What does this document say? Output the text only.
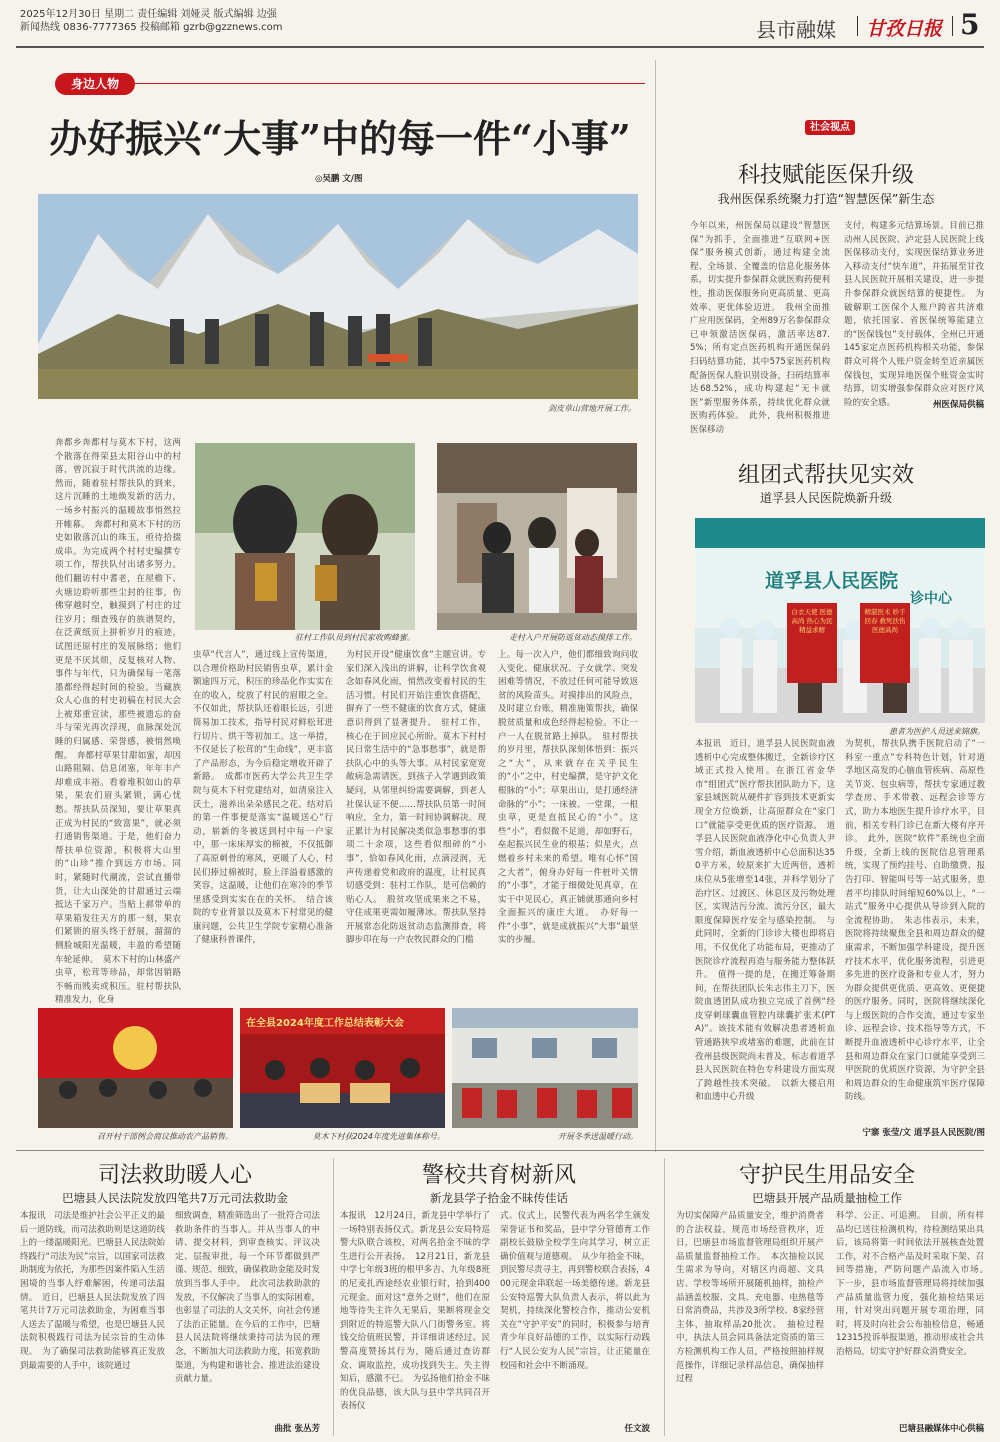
2025年12月30日 星期二 责任编辑 刘娅灵 版式编辑 边强
新闻热线 0836-7777365 投稿邮箱 gzrb@gzznews.com	县市融媒 甘孜日报 5
身边人物
办好振兴“大事”中的每一件“小事”
◎吴鹏 文/图
剑皮草山营地开展工作。
驻村工作队员到村民家收购蜂蜜。	走村入户开展防返贫动态摸排工作。
奔都乡奔都村与莫木下村，这两个散落在得荣县太阳谷山中的村落，曾沉寂于时代洪流的边缘。然而，随着驻村帮扶队的到来，这片沉睡的土地焕发新的活力，一场乡村振兴的温暖故事悄然拉开帷幕。　奔都村和莫木下村的历史如散落沉山的珠玉，亟待拾掇成串。为完成两个村村史编撰专项工作，帮扶队付出诸多努力。他们翻访村中耆老，在屋檐下、火塘边聆听那些尘封的往事，伤佛穿越时空，触摸到了村庄的过往岁月；细查残存的族谱契约，在泛黄纸页上拼析岁月的痕迹，试图还原村庄的发展脉络；他们更是不厌其烦，反复核对人物、事件与年代，只为确保每一笔落墨都经得起时间的检验。当藏族众人心血的村史初稿在村民大会上被郑重宣读，那些被遗忘的奋斗与荣光再次浮现，血脉深处沉睡的归属感、荣誉感，被悄然唤醒。　奔都村草果甘甜如蜜，却因山路阻隔、信息闭塞，年年丰产却难成丰裕。看着堆积如山的草果，果农们眉头紧锁，满心忧愁。帮扶队员深知，要让草果真正成为村民的“致富果”，就必须打通销售渠道。于是，他们奋力帮扶单位资源，积极将大山里的“山珍”推介到远方市场。同时，紧随时代潮流，尝试直播带货，让大山深处的甘甜通过云端抵达千家万户。当贴上郝带单的草果箱发往天方的那一刻，果农们紧锁的眉头终于舒展，溜溜的侧脸城阳光温暖，丰盈的希望随车轮延伸。　莫木下村的山林盛产虫草，松茸等珍品，却常因销路不畅而贱卖或积压。驻村帮扶队精准发力，化身
虫草“代言人”，通过线上宣传渠道，以合理价格助村民销售虫草，累计金额逾四万元，积压的珍品化作实实在在的收入，绽放了村民的眉眼之全。不仅如此，帮扶队还着眼长远，引进简易加工技术，指导村民对鲜松茸进行切片、烘干等初加工。这一举措，不仅延长了松茸的“生命线”，更丰富了产品形态，为今后稳定增收开辟了新路。　成都市医药大学公共卫生学院与莫木下村党建结对，如清泉注入沃土，滋养出朵朵感民之花。结对后的第一件事便是落实“温暖送心”行动，崭新的冬被送到村中每一户家中，那一床床厚实的棉被，不仅抵御了高原刺骨的寒风，更暖了人心，村民们捧过棉被时，脸上洋溢着感激的笑容，这温暖，让他们在寒冷的季节里感受到实实在在的关怀。　结合该院的专业背景以及莫木下村常见的健康问题，公共卫生学院专家精心准备了健康科普课件，
为村民开设“健康饮食”主题宣讲。专家们深入浅出的讲解，让科学饮食观念如春风化雨，悄然改变着村民的生活习惯。村民们开始注重饮食搭配，摒弃了一些不健康的饮食方式，健康意识得到了显著提升。　驻村工作，核心在于回应民心所盼。莫木下村村民日常生活中的“急事愁事”，就是帮扶队心中的头等大事。从村民家宽宽敞病急需请医，到孩子入学遇到政策疑问，从邻里纠纷需要调解，到老人社保认证不便……帮扶队员第一时间响应，全力，第一时间协调解决。现正累计为村民解决类似急事愁事的事项二十余项，这些看似细碎的“小事”，恰如春风化雨，点滴浸润，无声传递着党和政府的温度，让村民真切感受到：驻村工作队，是可信赖的贴心人。　脱贫攻坚成果来之不易，守住成果更需如履薄冰。帮扶队坚持开展常态化防返贫动态监测排查，将脚步印在每一户农牧民群众的门槛
上。每一次入户，他们都细致询问收入变化、健康状况、子女就学、突发困难等情况，不放过任何可能导致返贫的风险苗头。对摸排出的风险点，及时建立台账，精准施策帮扶，确保脱贫质量和成色经得起检验。不让一户一人在脱贫路上掉队。　驻村帮扶的岁月里，帮扶队深刻体悟到：振兴之“大”，从来就存在关乎民生的“小”之中，村史编撰，是守护文化根脉的“小”；草果出山，是打通经济命脉的“小”；一床被、一堂课，一根虫草，更是直抵民心的“小”。这些“小”，看似微不足道，却如野石，垒起振兴民生业的根基；似星火，点燃着乡村未来的希望。唯有心怀“国之大者”，俯身办好每一件桩叶关情的“小事”，才能于细微处见真章，在实干中见民心，真正铺就那通向乡村全面振兴的康庄大道。　办好每一件“小事”，就是成就振兴“大事”最坚实的步履。
召开村干部例会商议推动农产品销售。
在全县2024年度工作总结表彰大会
莫木下村获2024年度先进集体称号。	开展冬季送温暖行动。
社会视点
科技赋能医保升级
我州医保系统聚力打造“智慧医保”新生态
今年以来，州医保局以建设“智慧医保”为抓手，全面推进“互联网+医保”服务模式创新，通过构建全流程、全场景、全覆盖的信息化服务体系，切实提升参保群众就医购药便利性，推动医保服务向更高质量、更高效率、更优体验迈进。　我州全面推广应用医保码，全州89万名参保群众已申领激活医保码，激活率达87.5%；所有定点医药机构开通医保码扫码结算功能，其中575家医药机构配备医保人脸识别设备，扫码结算率达68.52%，成功构建起“无卡就医”新型服务体系，持续优化群众就医购药体验。　此外，我州积极推进医保移动
支付，构建多元结算场景。目前已推动州人民医院、泸定县人民医院上线医保移动支付，实现医保结算业务进入移动支付“快车道”，并拓展至甘孜县人民医院开展相关建设，进一步提升参保群众就医结算的便捷性。　为破解职工医保个人账户跨省共济难题，依托国家、省医保统筹能建立的“医保钱包”支付载体，全州已开通145家定点医药机构相关功能，参保群众可将个人账户资金转至近亲属医保钱包，实现异地医保个账资金实时结算，切实增强参保群众应对医疗风险的安全感。	州医保局供稿
组团式帮扶见实效
道孚县人民医院焕新升级
道孚县人民医院
诊中心
白衣天使 医德高尚 热心为民 精益求精
精湛医术 妙手回春 救死扶伤 医德高尚
患者为医护人员送来锦旗。
本报讯　近日，道孚县人民医院血液透析中心完成整体搬迁，全新诊疗区域正式投入使用。在浙江省金华市“组团式”医疗帮扶团队助力下，这家县域医院从硬件扩容到技术更新实现全方位焕新，让高原群众在“家门口”就能享受更优质的医疗资源。　道孚县人民医院血液净化中心负责人尹雪介绍，新血液透析中心总面积达350平方米，较原来扩大近两倍，透析床位从5张增至14张，并科学划分了治疗区、过渡区、休息区及污物处理区，实现洁污分流、流污分区，最大限度保障医疗安全与感染控制。　与此同时，全新的门诊诊大楼也即将启用，不仅优化了功能布局，更推动了医院诊疗流程再造与服务能力整体跃升。　值得一提的是，在搬迁筹备期间，在帮扶团队长朱志伟主刀下，医院血透团队成功独立完成了首例“经皮穿刺球囊血管腔内球囊扩张术(PTA)”。该技术能有效解决患者透析血管通路狭窄或堵塞的难题，此前在甘孜州县级医院尚未普及，标志着道孚县人民医院在特色专科建设方面实现了跨越性技术突破。　以新大楼启用和血透中心升级
为契机，帮扶队携手医院启动了“一科室一重点”专科特色计划，针对道孚地区高发的心脑血管疾病、高原性关节炎、包虫病等，帮扶专家通过教学查房、手术带教、远程会诊等方式，助力本地医生提升诊疗水平，目前，相关专科门诊已在新大楼有序开诊。　此外，医院“软件”系统也全面升级，全新上线的医院信息管理系统，实现了预约挂号、自助缴费、报告打印、智能叫号等一站式服务，患者平均排队时间缩短60%以上，“一站式”服务中心提供从导诊到入院的全流程协助。　朱志伟表示，未来，医院将持续聚焦全县和周边群众的健康需求，不断加强学科建设，提升医疗技术水平，优化服务流程，引进更多先进的医疗设备和专业人才，努力为群众提供更优质、更高效、更便捷的医疗服务。同时，医院将继续深化与上级医院的合作交流，通过专家坐诊、远程会诊、技术指导等方式，不断提升血液透析中心诊疗水平，让全县和周边群众在家门口就能享受到三甲医院的优质医疗资源，为守护全县和周边群众的生命健康筑牢医疗保障防线。
宁寨 张莹/文 道孚县人民医院/图
司法救助暖人心
巴塘县人民法院发放四笔共7万元司法救助金
本报讯　司法是维护社会公平正义的最后一道防线，而司法救助则是这道防线上的一缕温暖阳光。巴塘县人民法院始终践行“司法为民”宗旨，以国家司法救助制度为依托，为那些因案件陷入生活困境的当事人纾难解困，传递司法温情。　近日，巴塘县人民法院发放了四笔共计7万元司法救助金，为困难当事人送去了温暖与希望，也是巴塘县人民法院积极践行司法为民宗旨的生动体现。　为了确保司法救助能够真正发放到最需要的人手中，该院通过
细致调查，精准筛选出了一批符合司法救助条件的当事人。并从当事人的申请、提交材料，到审查核实、评议决定、层报审批，每一个环节都做到严谨、规范、细致，确保救助金能及时发放到当事人手中。　此次司法救助款的发放，不仅解决了当事人的实际困难，也彰显了司法的人文关怀，向社会传递了法治正能量。在今后的工作中，巴塘县人民法院将继续秉持司法为民的理念，不断加大司法救助力度，拓宽救助渠道，为构建和谐社会、推进法治建设贡献力量。
曲批 张丛芳
警校共育树新风
新龙县学子拾金不昧传佳话
本报讯　12月24日，新龙县中学举行了一场特别表扬仪式。新龙县公安局特巡警大队联合该校，对两名拾金不昧的学生进行公开表扬。　12月21日，新龙县中学七年级3班的根甲多吉、九年级8班的尼麦扎西途经农业银行时，拾到400元现金。面对这“意外之财”，他们在原地等待失主许久无果后，果断将现金交到附近的特巡警大队八门街警务室。将钱交给值班民警，并详细讲述经过。民警高度赞扬其行为，随后通过查访群众、调取监控，成功找到失主。失主得知后，感激不已。　为弘扬他们拾金不昧的优良品德，该大队与县中学共同召开表扬仪
式。仪式上，民警代表为两名学生颁发荣誉证书和奖品，县中学分管德育工作副校长鼓励全校学生向其学习，树立正确价值观与道德观。　从少年拾金不昧，到民警尽责寻主，再到警校联合表扬，400元现金串联起一场美德传递。新龙县公安特巡警大队负责人表示，将以此为契机，持续深化警校合作，推动公安机关在“守护平安”的同时，积极参与培育青少年良好品德的工作，以实际行动践行“人民公安为人民”宗旨，让正能量在校园和社会中不断涌现。
任文波
守护民生用品安全
巴塘县开展产品质量抽检工作
为切实保障产品质量安全，维护消费者的合法权益，规范市场经营秩序，近日，巴塘县市场监督管理局组织开展产品质量监督抽检工作。　本次抽检以民生需求为导向，对辖区内商超、文具店、学校等场所开展随机抽样，抽检产品涵盖校服、文具、充电器、电热毯等日常消费品，共涉及3所学校、8家经营主体，抽取样品20批次。　抽检过程中，执法人员会同具备法定资质的第三方检测机构工作人员，严格按照抽样规范操作，详细记录样品信息，确保抽样过程
科学、公正、可追溯。　目前，所有样品均已送往检测机构，待检测结果出具后，该局将第一时间依法开展核查处置工作，对不合格产品及时采取下架、召回等措施，严防问题产品流入市场。　下一步，县市场监督管理局将持续加强产品质量监管力度，强化抽检结果运用，针对突出问题开展专项治理，同时，将及时向社会公布抽检信息，畅通12315投诉举报渠道，推动形成社会共治格局，切实守护好群众消费安全。
巴塘县融媒体中心供稿
